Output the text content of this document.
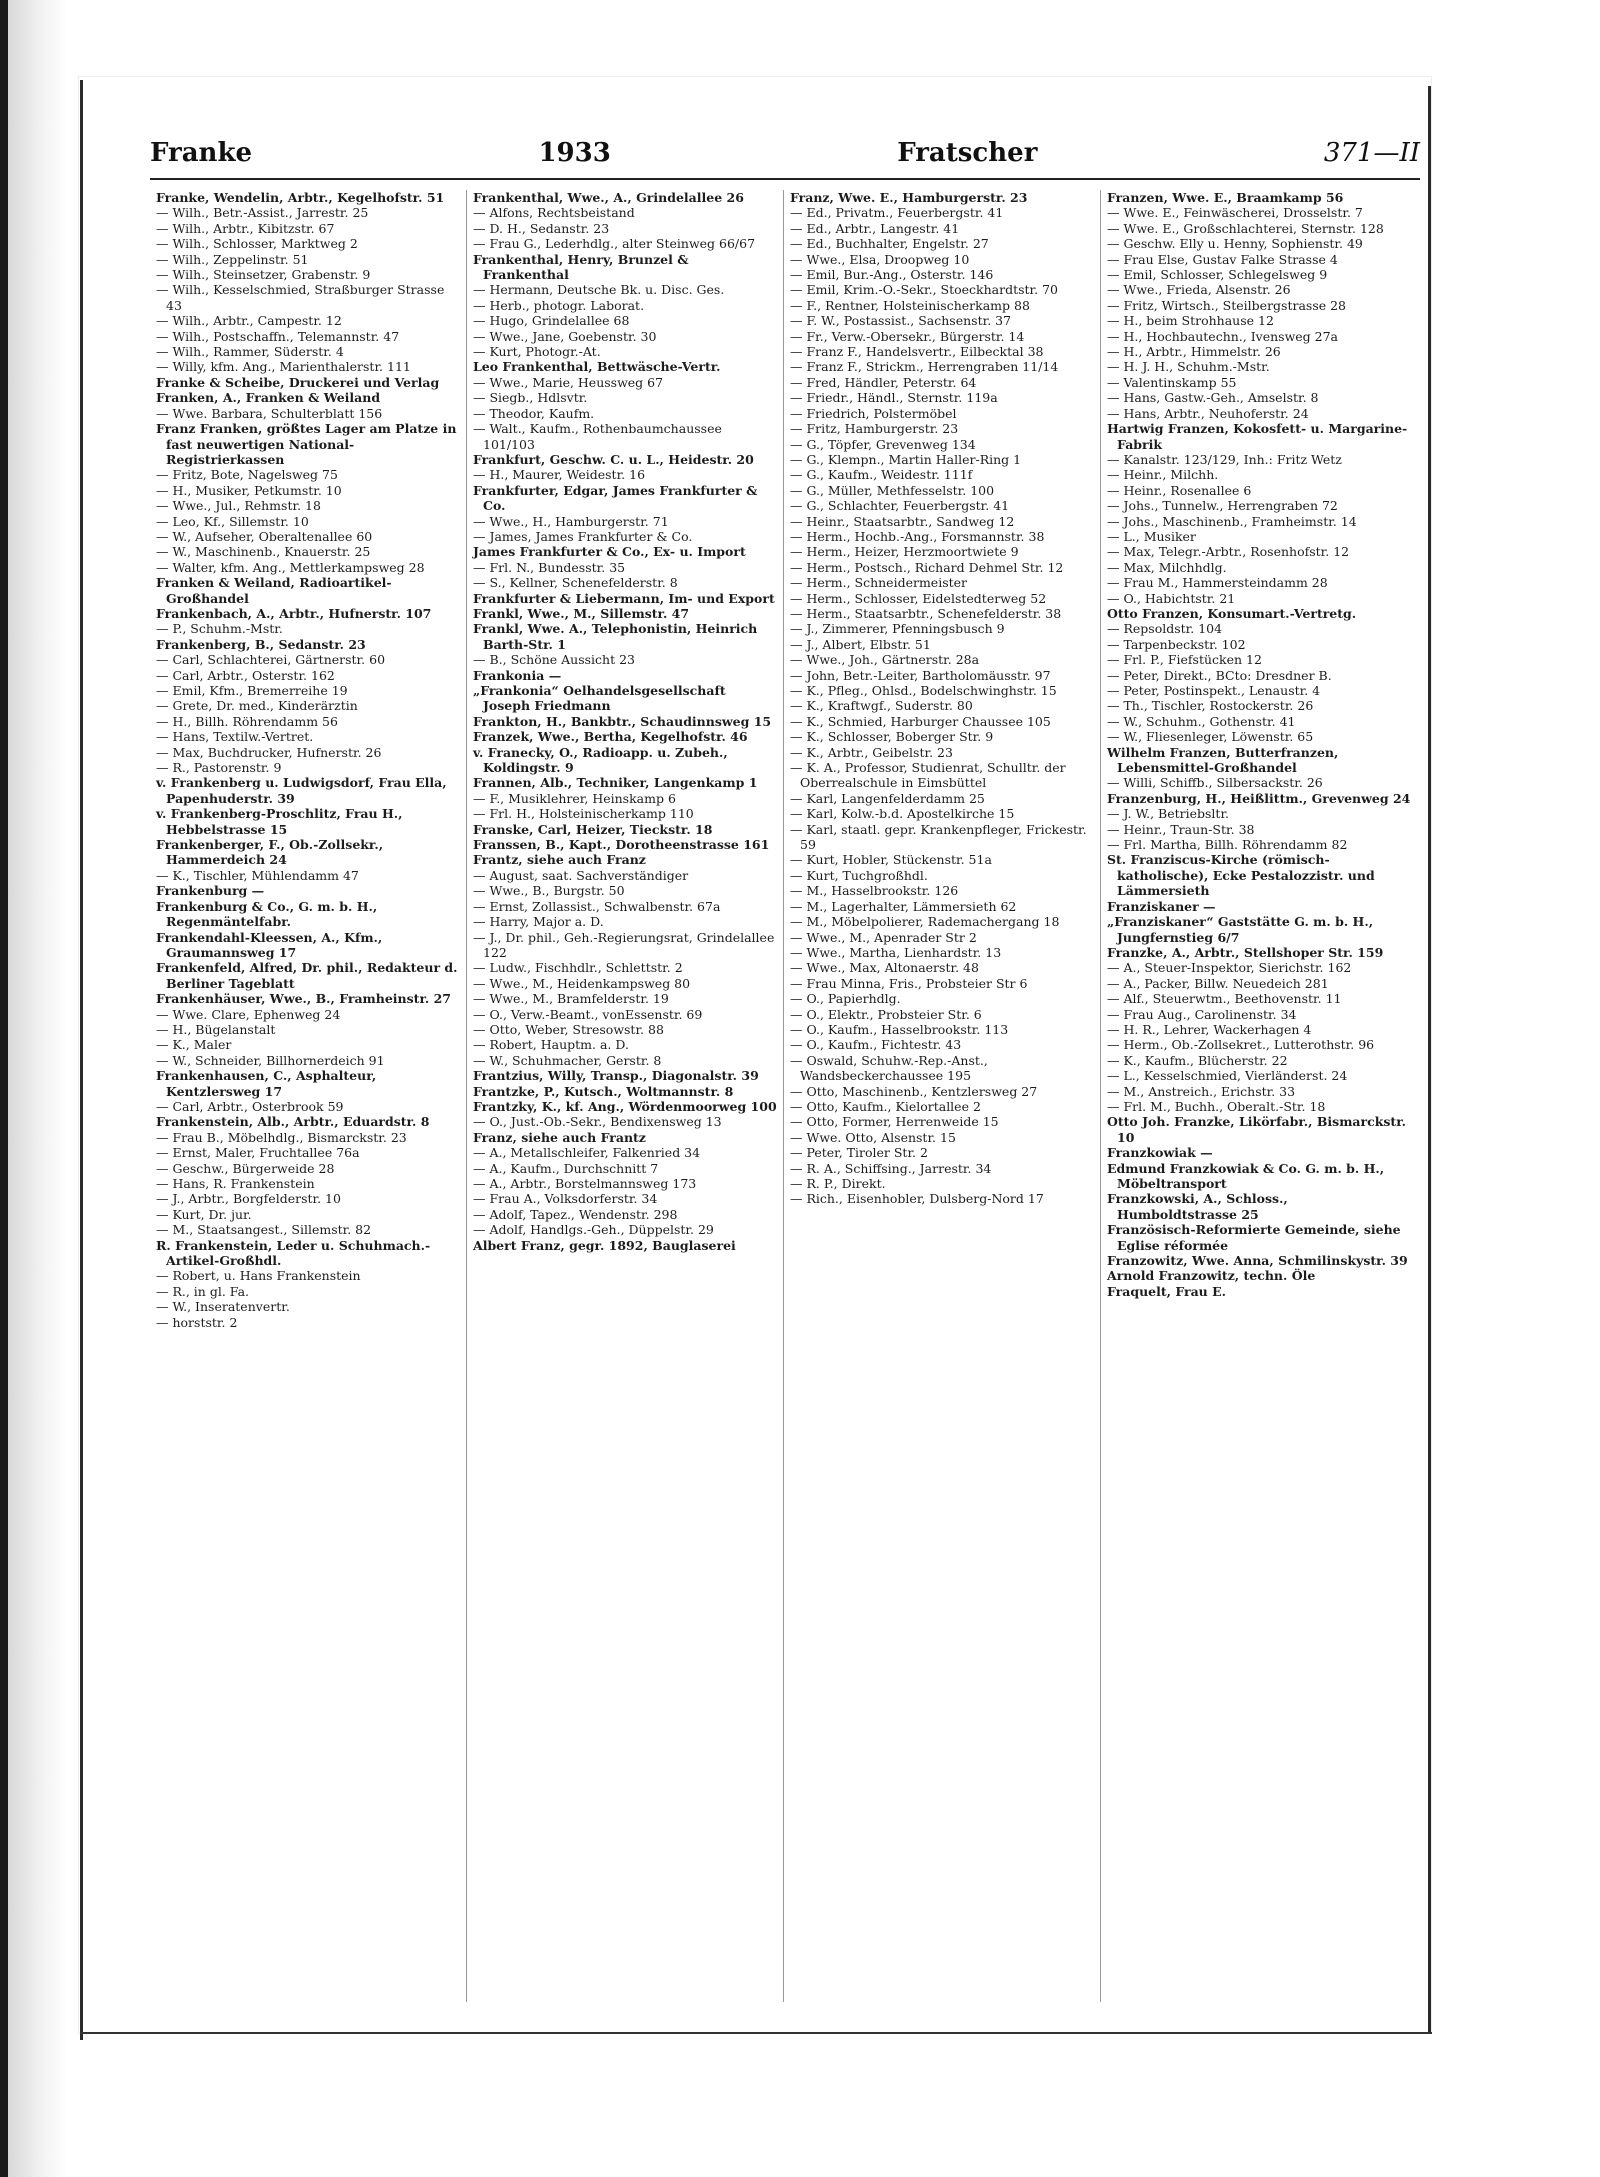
Franke	1933	Fratscher	371—II
Franke, Wendelin, Arbtr., Kegelhofstr. 51
— Wilh., Betr.-Assist., Jarrestr. 25
— Wilh., Arbtr., Kibitzstr. 67
— Wilh., Schlosser, Marktweg 2
— Wilh., Zeppelinstr. 51
— Wilh., Steinsetzer, Grabenstr. 9
— Wilh., Kesselschmied, Straßburger Strasse 43
— Wilh., Arbtr., Campestr. 12
— Wilh., Postschaffn., Telemannstr. 47
— Wilh., Rammer, Süderstr. 4
— Willy, kfm. Ang., Marienthalerstr. 111
Franke & Scheibe, Druckerei und Verlag
Franken, A., Franken & Weiland
— Wwe. Barbara, Schulterblatt 156
Franz Franken, größtes Lager am Platze in fast neuwertigen National-Registrierkassen
— Fritz, Bote, Nagelsweg 75
— H., Musiker, Petkumstr. 10
— Wwe., Jul., Rehmstr. 18
— Leo, Kf., Sillemstr. 10
— W., Aufseher, Oberaltenallee 60
— W., Maschinenb., Knauerstr. 25
— Walter, kfm. Ang., Mettlerkampsweg 28
Franken & Weiland, Radioartikel-Großhandel
Frankenbach, A., Arbtr., Hufnerstr. 107
— P., Schuhm.-Mstr.
Frankenberg, B., Sedanstr. 23
— Carl, Schlachterei, Gärtnerstr. 60
— Carl, Arbtr., Osterstr. 162
— Emil, Kfm., Bremerreihe 19
— Grete, Dr. med., Kinderärztin
— H., Billh. Röhrendamm 56
— Hans, Textilw.-Vertret.
— Max, Buchdrucker, Hufnerstr. 26
— R., Pastorenstr. 9
v. Frankenberg u. Ludwigsdorf, Frau Ella, Papenhuderstr. 39
v. Frankenberg-Proschlitz, Frau H., Hebbelstrasse 15
Frankenberger, F., Ob.-Zollsekr., Hammerdeich 24
— K., Tischler, Mühlendamm 47
Frankenburg —
Frankenburg & Co., G. m. b. H., Regenmäntelfabr.
Frankendahl-Kleessen, A., Kfm., Graumannsweg 17
Frankenfeld, Alfred, Dr. phil., Redakteur d. Berliner Tageblatt
Frankenhäuser, Wwe., B., Framheinstr. 27
— Wwe. Clare, Ephenweg 24
— H., Bügelanstalt
— K., Maler
— W., Schneider, Billhornerdeich 91
Frankenhausen, C., Asphalteur, Kentzlersweg 17
— Carl, Arbtr., Osterbrook 59
Frankenstein, Alb., Arbtr., Eduardstr. 8
— Frau B., Möbelhdlg., Bismarckstr. 23
— Ernst, Maler, Fruchtallee 76a
— Geschw., Bürgerweide 28
— Hans, R. Frankenstein
— J., Arbtr., Borgfelderstr. 10
— Kurt, Dr. jur.
— M., Staatsangest., Sillemstr. 82
R. Frankenstein, Leder u. Schuhmach.-Artikel-Großhdl.
— Robert, u. Hans Frankenstein
— R., in gl. Fa.
— W., Inseratenvertr.
— horststr. 2
Frankenthal, Wwe., A., Grindelallee 26
— Alfons, Rechtsbeistand
— D. H., Sedanstr. 23
— Frau G., Lederhdlg., alter Steinweg 66/67
Frankenthal, Henry, Brunzel & Frankenthal
— Hermann, Deutsche Bk. u. Disc. Ges.
— Herb., photogr. Laborat.
— Hugo, Grindelallee 68
— Wwe., Jane, Goebenstr. 30
— Kurt, Photogr.-At.
Leo Frankenthal, Bettwäsche-Vertr.
— Wwe., Marie, Heussweg 67
— Siegb., Hdlsvtr.
— Theodor, Kaufm.
— Walt., Kaufm., Rothenbaumchaussee 101/103
Frankfurt, Geschw. C. u. L., Heidestr. 20
— H., Maurer, Weidestr. 16
Frankfurter, Edgar, James Frankfurter & Co.
— Wwe., H., Hamburgerstr. 71
— James, James Frankfurter & Co.
James Frankfurter & Co., Ex- u. Import
— Frl. N., Bundesstr. 35
— S., Kellner, Schenefelderstr. 8
Frankfurter & Liebermann, Im- und Export
Frankl, Wwe., M., Sillemstr. 47
Frankl, Wwe. A., Telephonistin, Heinrich Barth-Str. 1
— B., Schöne Aussicht 23
Frankonia —
„Frankonia“ Oelhandelsgesellschaft Joseph Friedmann
Frankton, H., Bankbtr., Schaudinnsweg 15
Franzek, Wwe., Bertha, Kegelhofstr. 46
v. Franecky, O., Radioapp. u. Zubeh., Koldingstr. 9
Frannen, Alb., Techniker, Langenkamp 1
— F., Musiklehrer, Heinskamp 6
— Frl. H., Holsteinischerkamp 110
Franske, Carl, Heizer, Tieckstr. 18
Franssen, B., Kapt., Dorotheenstrasse 161
Frantz, siehe auch Franz
— August, saat. Sachverständiger
— Wwe., B., Burgstr. 50
— Ernst, Zollassist., Schwalbenstr. 67a
— Harry, Major a. D.
— J., Dr. phil., Geh.-Regierungsrat, Grindelallee 122
— Ludw., Fischhdlr., Schlettstr. 2
— Wwe., M., Heidenkampsweg 80
— Wwe., M., Bramfelderstr. 19
— O., Verw.-Beamt., vonEssenstr. 69
— Otto, Weber, Stresowstr. 88
— Robert, Hauptm. a. D.
— W., Schuhmacher, Gerstr. 8
Frantzius, Willy, Transp., Diagonalstr. 39
Frantzke, P., Kutsch., Woltmannstr. 8
Frantzky, K., kf. Ang., Wördenmoorweg 100
— O., Just.-Ob.-Sekr., Bendixensweg 13
Franz, siehe auch Frantz
— A., Metallschleifer, Falkenried 34
— A., Kaufm., Durchschnitt 7
— A., Arbtr., Borstelmannsweg 173
— Frau A., Volksdorferstr. 34
— Adolf, Tapez., Wendenstr. 298
— Adolf, Handlgs.-Geh., Düppelstr. 29
Albert Franz, gegr. 1892, Bauglaserei
Franz, Wwe. E., Hamburgerstr. 23
— Ed., Privatm., Feuerbergstr. 41
— Ed., Arbtr., Langestr. 41
— Ed., Buchhalter, Engelstr. 27
— Wwe., Elsa, Droopweg 10
— Emil, Bur.-Ang., Osterstr. 146
— Emil, Krim.-O.-Sekr., Stoeckhardtstr. 70
— F., Rentner, Holsteinischerkamp 88
— F. W., Postassist., Sachsenstr. 37
— Fr., Verw.-Obersekr., Bürgerstr. 14
— Franz F., Handelsvertr., Eilbecktal 38
— Franz F., Strickm., Herrengraben 11/14
— Fred, Händler, Peterstr. 64
— Friedr., Händl., Sternstr. 119a
— Friedrich, Polstermöbel
— Fritz, Hamburgerstr. 23
— G., Töpfer, Grevenweg 134
— G., Klempn., Martin Haller-Ring 1
— G., Kaufm., Weidestr. 111f
— G., Müller, Methfesselstr. 100
— G., Schlachter, Feuerbergstr. 41
— Heinr., Staatsarbtr., Sandweg 12
— Herm., Hochb.-Ang., Forsmannstr. 38
— Herm., Heizer, Herzmoortwiete 9
— Herm., Postsch., Richard Dehmel Str. 12
— Herm., Schneidermeister
— Herm., Schlosser, Eidelstedterweg 52
— Herm., Staatsarbtr., Schenefelderstr. 38
— J., Zimmerer, Pfenningsbusch 9
— J., Albert, Elbstr. 51
— Wwe., Joh., Gärtnerstr. 28a
— John, Betr.-Leiter, Bartholomäusstr. 97
— K., Pfleg., Ohlsd., Bodelschwinghstr. 15
— K., Kraftwgf., Suderstr. 80
— K., Schmied, Harburger Chaussee 105
— K., Schlosser, Boberger Str. 9
— K., Arbtr., Geibelstr. 23
— K. A., Professor, Studienrat, Schulltr. der Oberrealschule in Eimsbüttel
— Karl, Langenfelderdamm 25
— Karl, Kolw.-b.d. Apostelkirche 15
— Karl, staatl. gepr. Krankenpfleger, Frickestr. 59
— Kurt, Hobler, Stückenstr. 51a
— Kurt, Tuchgroßhdl.
— M., Hasselbrookstr. 126
— M., Lagerhalter, Lämmersieth 62
— M., Möbelpolierer, Rademachergang 18
— Wwe., M., Apenrader Str 2
— Wwe., Martha, Lienhardstr. 13
— Wwe., Max, Altonaerstr. 48
— Frau Minna, Fris., Probsteier Str 6
— O., Papierhdlg.
— O., Elektr., Probsteier Str. 6
— O., Kaufm., Hasselbrookstr. 113
— O., Kaufm., Fichtestr. 43
— Oswald, Schuhw.-Rep.-Anst., Wandsbeckerchaussee 195
— Otto, Maschinenb., Kentzlersweg 27
— Otto, Kaufm., Kielortallee 2
— Otto, Former, Herrenweide 15
— Wwe. Otto, Alsenstr. 15
— Peter, Tiroler Str. 2
— R. A., Schiffsing., Jarrestr. 34
— R. P., Direkt.
— Rich., Eisenhobler, Dulsberg-Nord 17
Franzen, Wwe. E., Braamkamp 56
— Wwe. E., Feinwäscherei, Drosselstr. 7
— Wwe. E., Großschlachterei, Sternstr. 128
— Geschw. Elly u. Henny, Sophienstr. 49
— Frau Else, Gustav Falke Strasse 4
— Emil, Schlosser, Schlegelsweg 9
— Wwe., Frieda, Alsenstr. 26
— Fritz, Wirtsch., Steilbergstrasse 28
— H., beim Strohhause 12
— H., Hochbautechn., Ivensweg 27a
— H., Arbtr., Himmelstr. 26
— H. J. H., Schuhm.-Mstr.
— Valentinskamp 55
— Hans, Gastw.-Geh., Amselstr. 8
— Hans, Arbtr., Neuhoferstr. 24
Hartwig Franzen, Kokosfett- u. Margarine-Fabrik
— Kanalstr. 123/129, Inh.: Fritz Wetz
— Heinr., Milchh.
— Heinr., Rosenallee 6
— Johs., Tunnelw., Herrengraben 72
— Johs., Maschinenb., Framheimstr. 14
— L., Musiker
— Max, Telegr.-Arbtr., Rosenhofstr. 12
— Max, Milchhdlg.
— Frau M., Hammersteindamm 28
— O., Habichtstr. 21
Otto Franzen, Konsumart.-Vertretg.
— Repsoldstr. 104
— Tarpenbeckstr. 102
— Frl. P., Fiefstücken 12
— Peter, Direkt., BCto: Dresdner B.
— Peter, Postinspekt., Lenaustr. 4
— Th., Tischler, Rostockerstr. 26
— W., Schuhm., Gothenstr. 41
— W., Fliesenleger, Löwenstr. 65
Wilhelm Franzen, Butterfranzen, Lebensmittel-Großhandel
— Willi, Schiffb., Silbersackstr. 26
Franzenburg, H., Heißlittm., Grevenweg 24
— J. W., Betriebsltr.
— Heinr., Traun-Str. 38
— Frl. Martha, Billh. Röhrendamm 82
St. Franziscus-Kirche (römisch-katholische), Ecke Pestalozzistr. und Lämmersieth
Franziskaner —
„Franziskaner“ Gaststätte G. m. b. H., Jungfernstieg 6/7
Franzke, A., Arbtr., Stellshoper Str. 159
— A., Steuer-Inspektor, Sierichstr. 162
— A., Packer, Billw. Neuedeich 281
— Alf., Steuerwtm., Beethovenstr. 11
— Frau Aug., Carolinenstr. 34
— H. R., Lehrer, Wackerhagen 4
— Herm., Ob.-Zollsekret., Lutterothstr. 96
— K., Kaufm., Blücherstr. 22
— L., Kesselschmied, Vierländerst. 24
— M., Anstreich., Erichstr. 33
— Frl. M., Buchh., Oberalt.-Str. 18
Otto Joh. Franzke, Likörfabr., Bismarckstr. 10
Franzkowiak —
Edmund Franzkowiak & Co. G. m. b. H., Möbeltransport
Franzkowski, A., Schloss., Humboldtstrasse 25
Französisch-Reformierte Gemeinde, siehe Eglise réformée
Franzowitz, Wwe. Anna, Schmilinskystr. 39
Arnold Franzowitz, techn. Öle
Fraquelt, Frau E.
